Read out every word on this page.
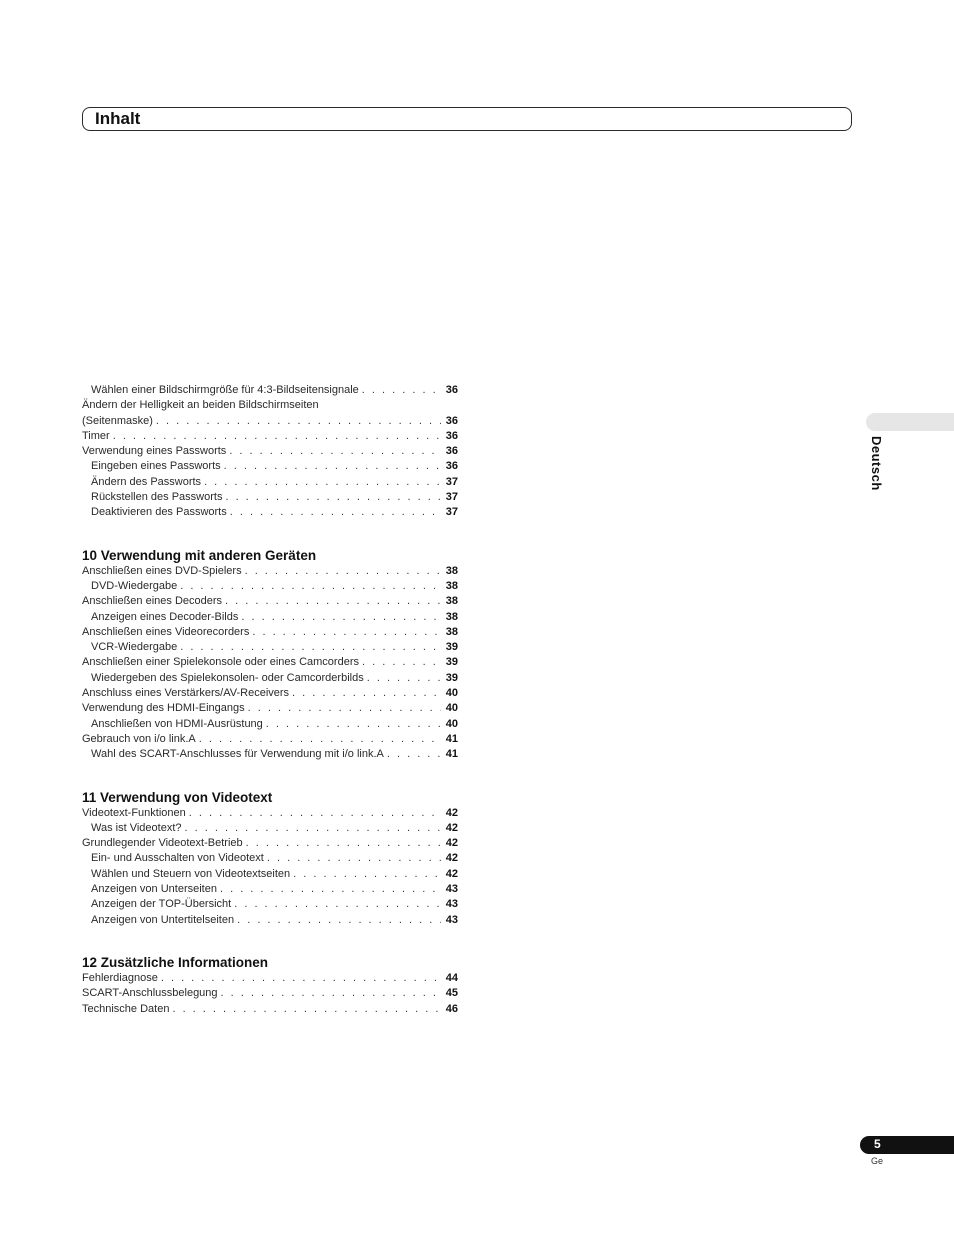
Inhalt
Deutsch
Wählen einer Bildschirmgröße für 4:3-Bildseitensignale . . .	36
Ändern der Helligkeit an beiden Bildschirmseiten
(Seitenmaske) . . .	36
Timer . . .	36
Verwendung eines Passworts . . .	36
Eingeben eines Passworts . . .	36
Ändern des Passworts . . .	37
Rückstellen des Passworts . . .	37
Deaktivieren des Passworts . . .	37
10 Verwendung mit anderen Geräten
Anschließen eines DVD-Spielers . . .	38
DVD-Wiedergabe . . .	38
Anschließen eines Decoders . . .	38
Anzeigen eines Decoder-Bilds . . .	38
Anschließen eines Videorecorders . . .	38
VCR-Wiedergabe . . .	39
Anschließen einer Spielekonsole oder eines Camcorders . . .	39
Wiedergeben des Spielekonsolen- oder Camcorderbilds . . .	39
Anschluss eines Verstärkers/AV-Receivers . . .	40
Verwendung des HDMI-Eingangs . . .	40
Anschließen von HDMI-Ausrüstung . . .	40
Gebrauch von i/o link.A . . .	41
Wahl des SCART-Anschlusses für Verwendung mit i/o link.A . . .	41
11 Verwendung von Videotext
Videotext-Funktionen . . .	42
Was ist Videotext? . . .	42
Grundlegender Videotext-Betrieb . . .	42
Ein- und Ausschalten von Videotext . . .	42
Wählen und Steuern von Videotextseiten . . .	42
Anzeigen von Unterseiten . . .	43
Anzeigen der TOP-Übersicht . . .	43
Anzeigen von Untertitelseiten . . .	43
12 Zusätzliche Informationen
Fehlerdiagnose . . .	44
SCART-Anschlussbelegung . . .	45
Technische Daten . . .	46
5
Ge
